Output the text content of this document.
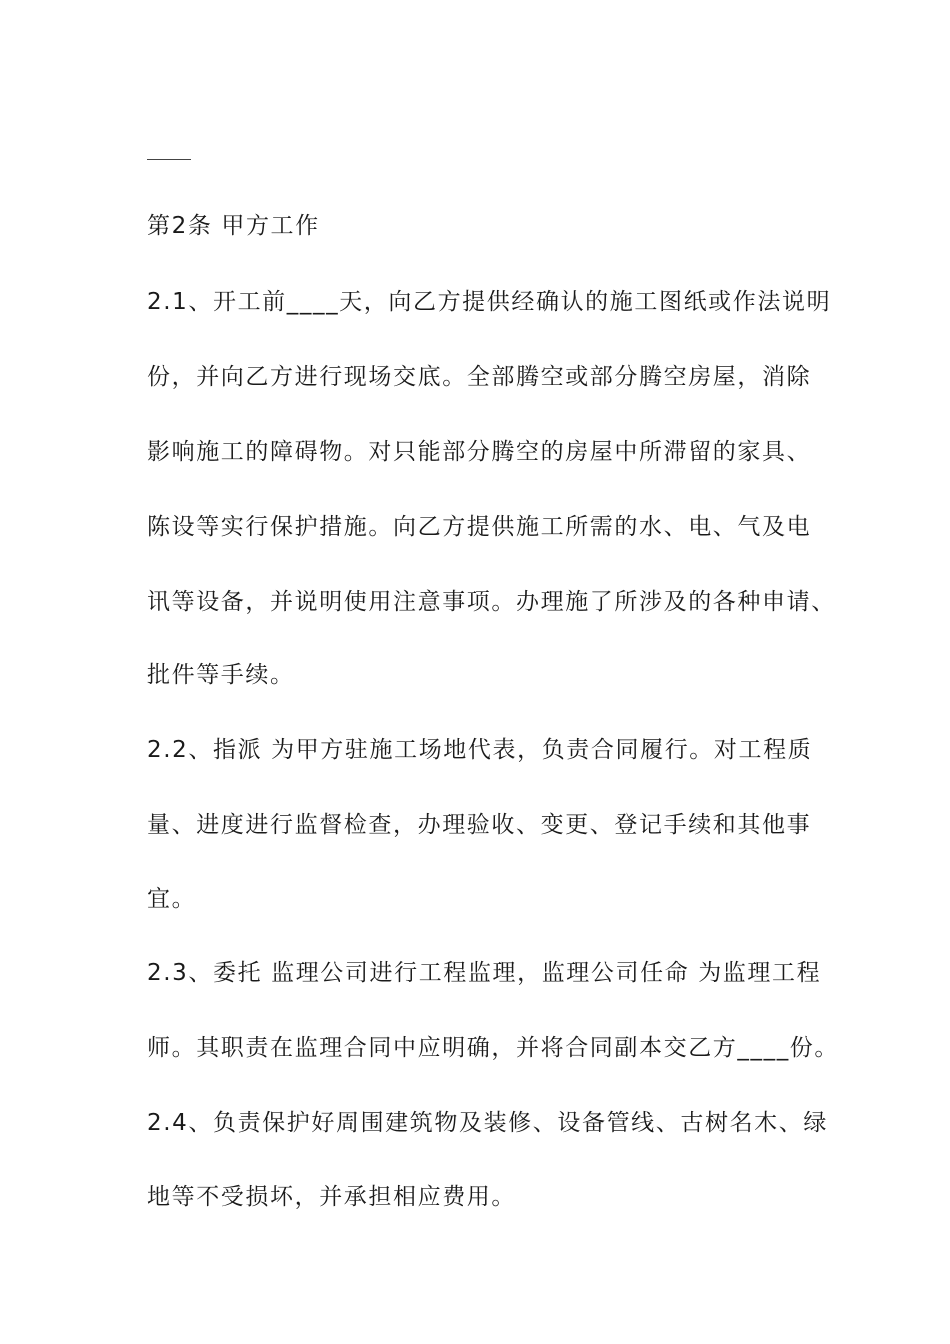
第2条 甲方工作
2.1、开工前____天，向乙方提供经确认的施工图纸或作法说明
份，并向乙方进行现场交底。全部腾空或部分腾空房屋，消除
影响施工的障碍物。对只能部分腾空的房屋中所滞留的家具、
陈设等实行保护措施。向乙方提供施工所需的水、电、气及电
讯等设备，并说明使用注意事项。办理施了所涉及的各种申请、
批件等手续。
2.2、指派 为甲方驻施工场地代表，负责合同履行。对工程质
量、进度进行监督检查，办理验收、变更、登记手续和其他事
宜。
2.3、委托 监理公司进行工程监理，监理公司任命 为监理工程
师。其职责在监理合同中应明确，并将合同副本交乙方____份。
2.4、负责保护好周围建筑物及装修、设备管线、古树名木、绿
地等不受损坏，并承担相应费用。
